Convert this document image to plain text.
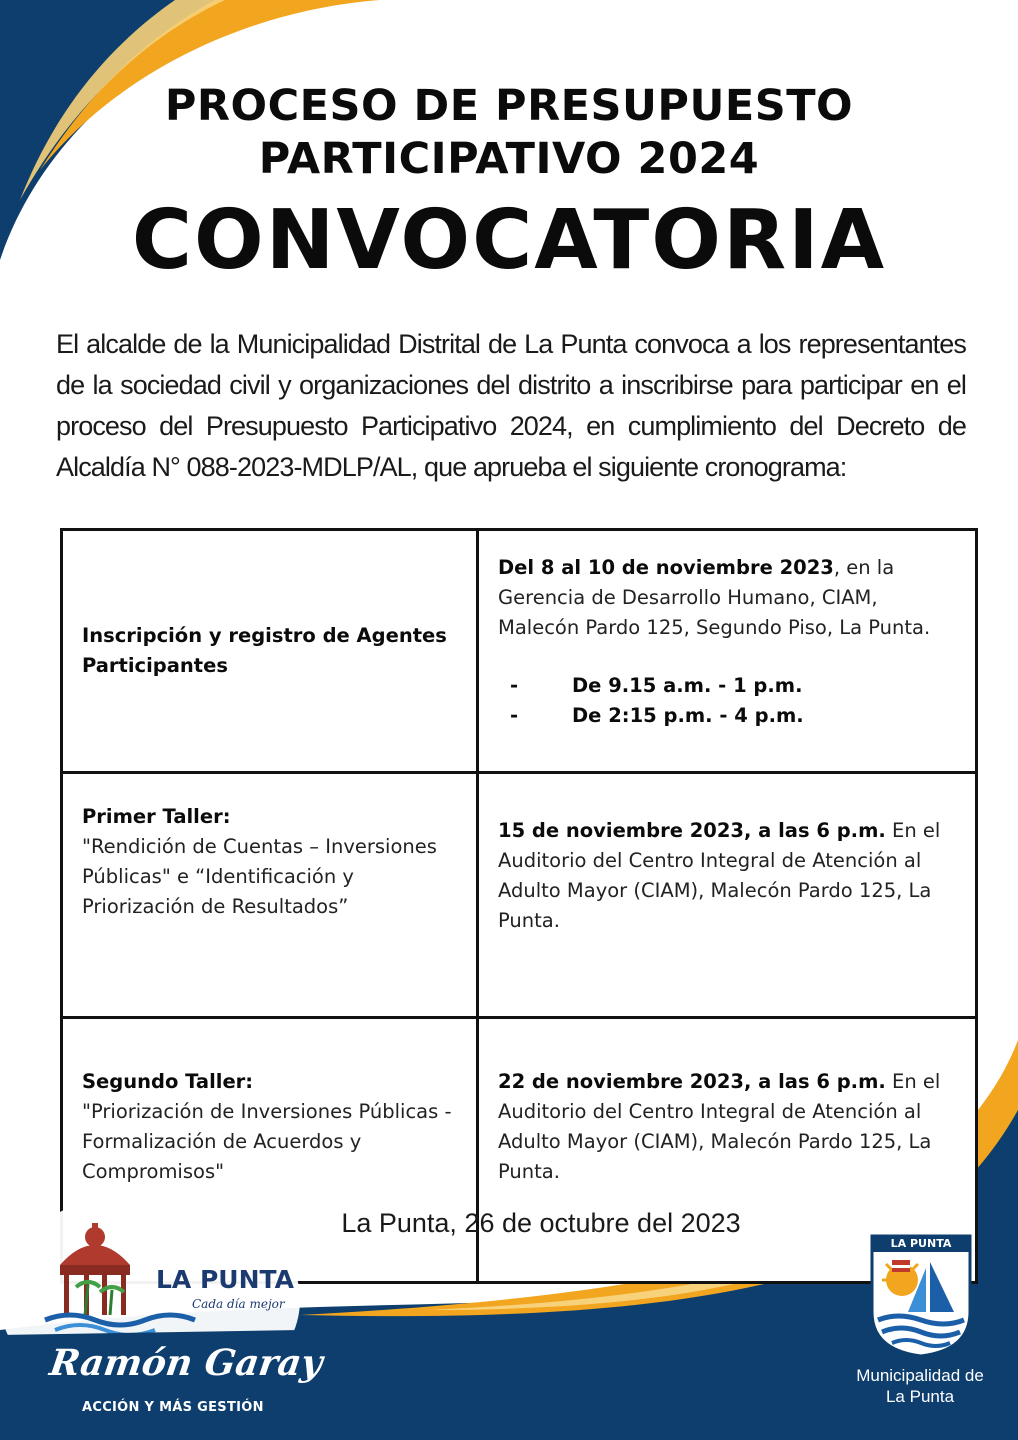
PROCESO DE PRESUPUESTO
PARTICIPATIVO 2024
CONVOCATORIA

El alcalde de la Municipalidad Distrital de La Punta convoca a los representantes de la sociedad civil y organizaciones del distrito a inscribirse para participar en el proceso del Presupuesto Participativo 2024, en cumplimiento del Decreto de Alcaldía N° 088-2023-MDLP/AL, que aprueba el siguiente cronograma:

Inscripción y registro de Agentes Participantes	Del 8 al 10 de noviembre 2023, en la Gerencia de Desarrollo Humano, CIAM, Malecón Pardo 125, Segundo Piso, La Punta.
- De 9.15 a.m. - 1 p.m.
- De 2:15 p.m. - 4 p.m.

Primer Taller:
"Rendición de Cuentas – Inversiones Públicas" e “Identificación y Priorización de Resultados”	15 de noviembre 2023, a las 6 p.m. En el Auditorio del Centro Integral de Atención al Adulto Mayor (CIAM), Malecón Pardo 125, La Punta.

Segundo Taller:
"Priorización de Inversiones Públicas - Formalización de Acuerdos y Compromisos"	22 de noviembre 2023, a las 6 p.m. En el Auditorio del Centro Integral de Atención al Adulto Mayor (CIAM), Malecón Pardo 125, La Punta.
La Punta, 26 de octubre del 2023
LA PUNTA
Cada día mejor
Ramón Garay
ACCIÓN Y MÁS GESTIÓN
LA PUNTA
Municipalidad de
La Punta
